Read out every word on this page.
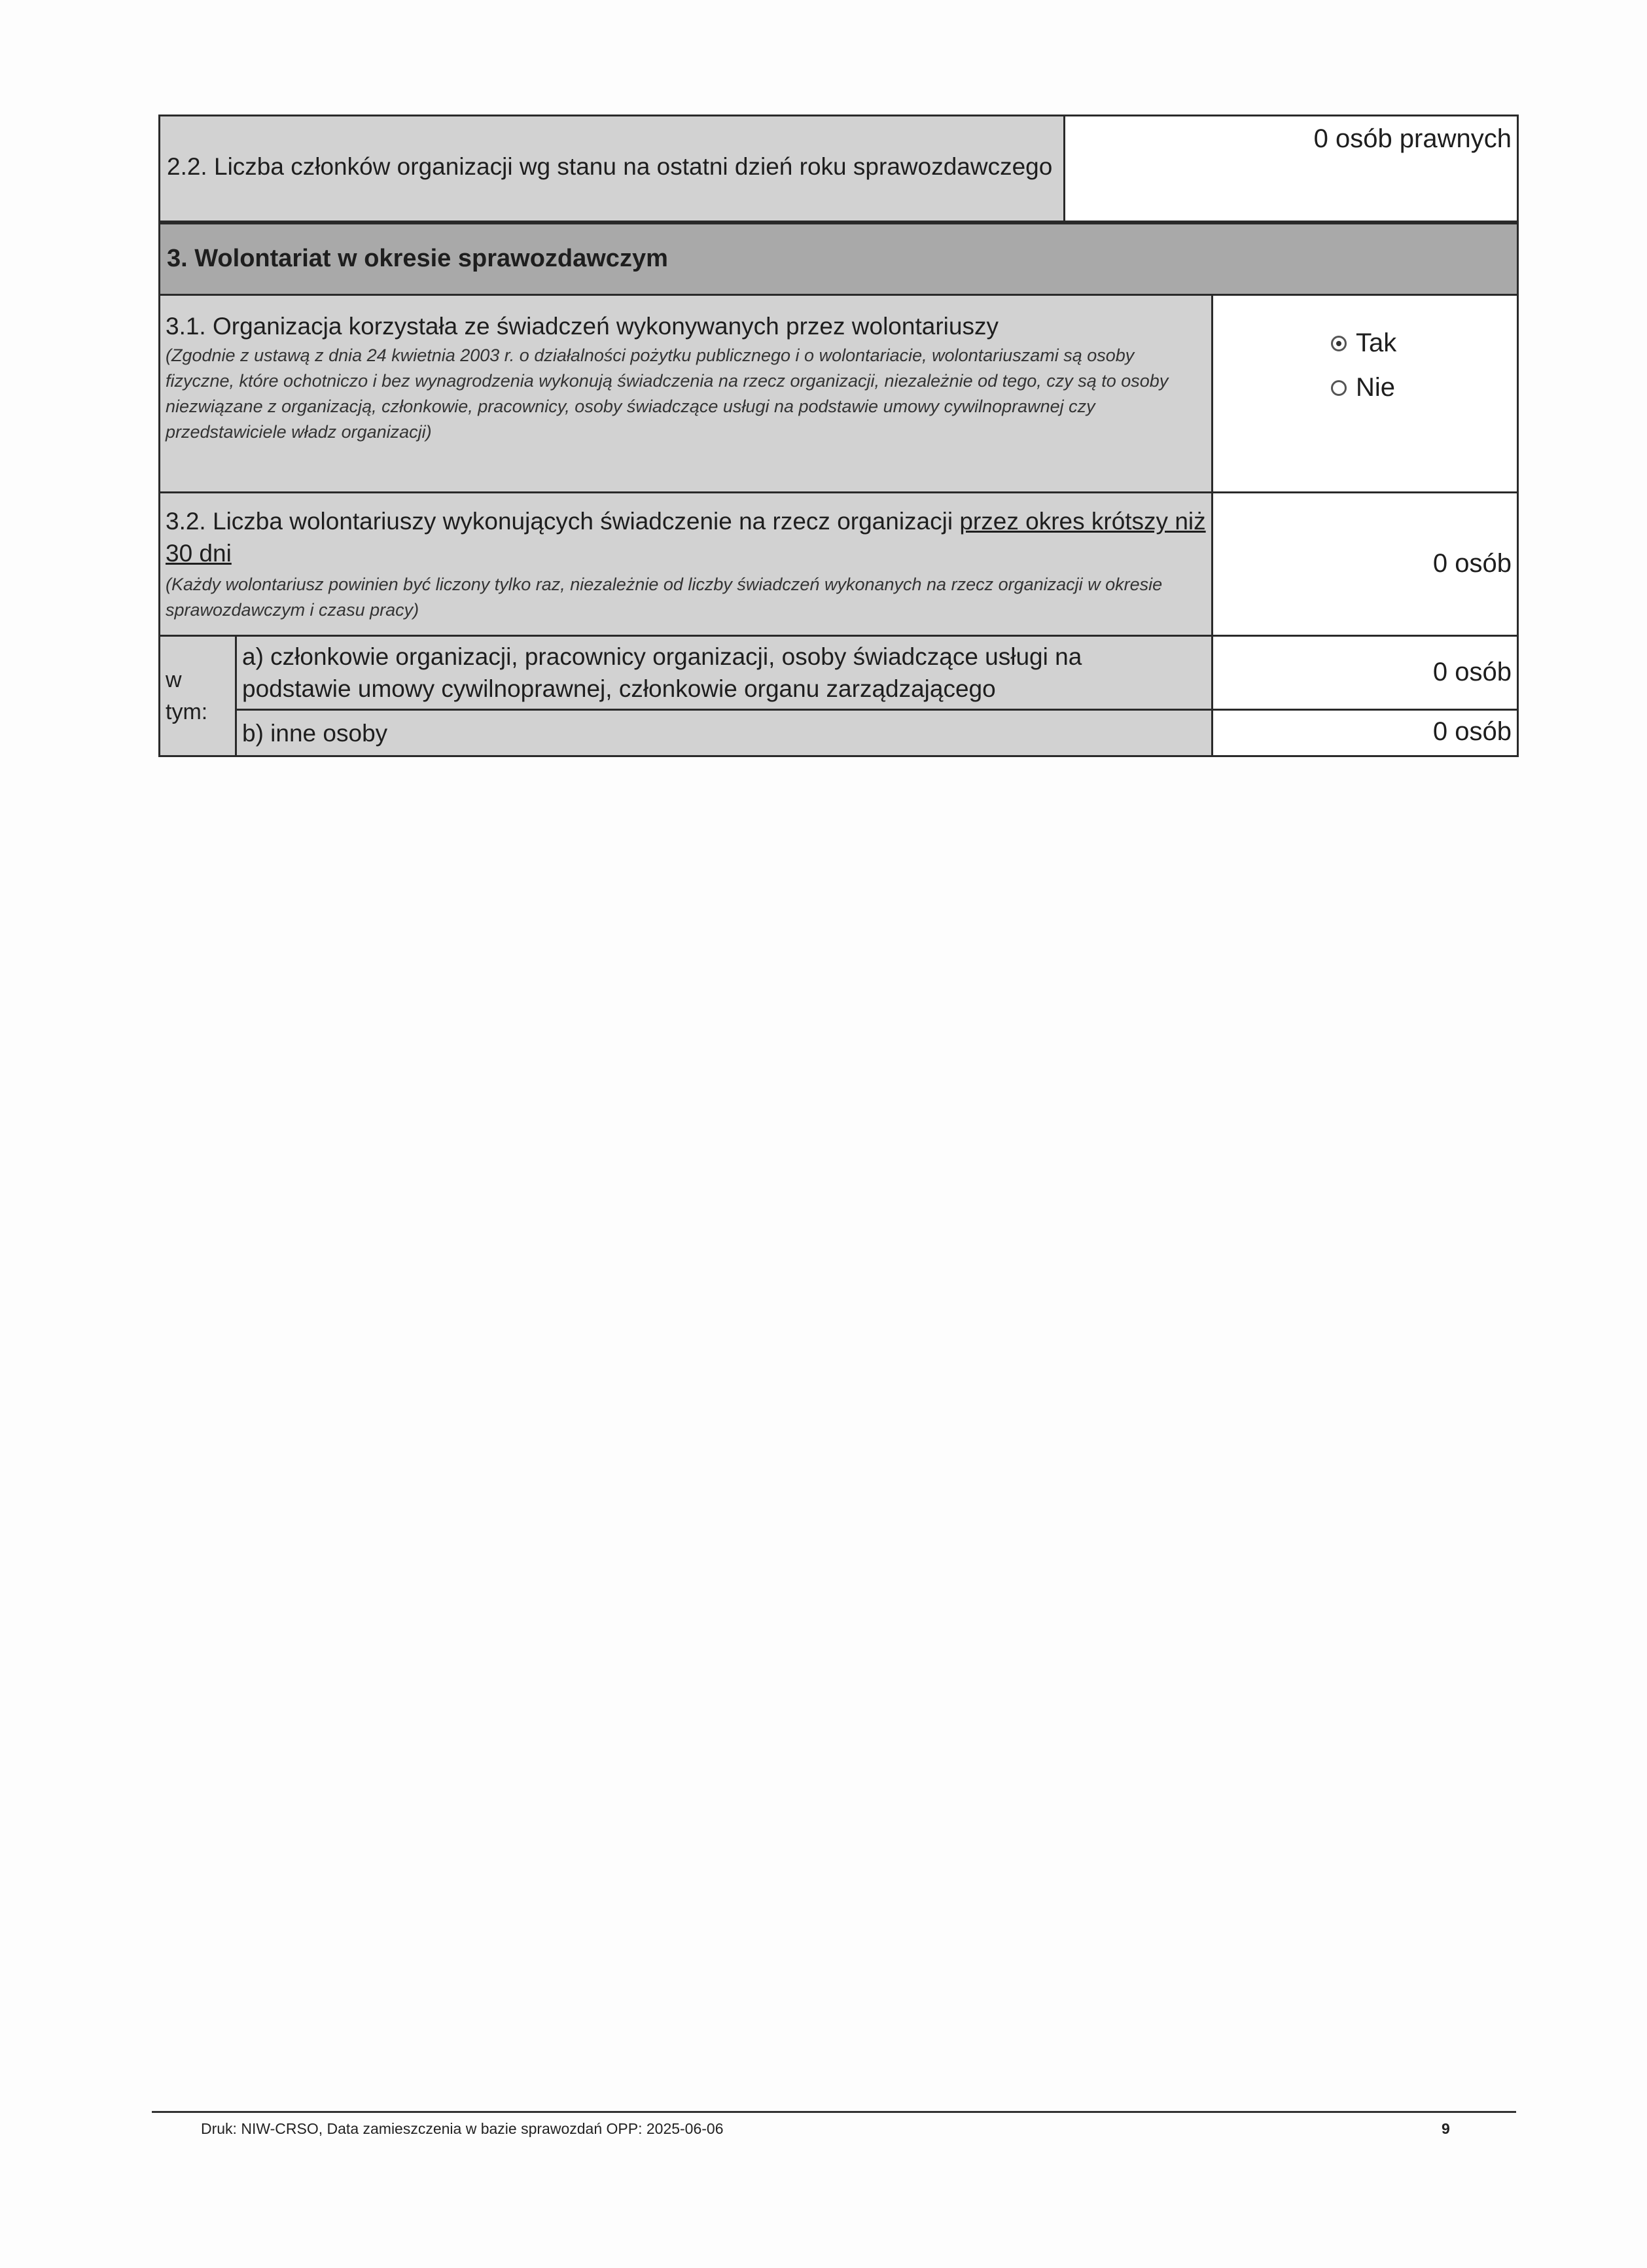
2.2. Liczba członków organizacji wg stanu na ostatni dzień roku sprawozdawczego
0 osób prawnych
3. Wolontariat w okresie sprawozdawczym
3.1. Organizacja korzystała ze świadczeń wykonywanych przez wolontariuszy
(Zgodnie z ustawą z dnia 24 kwietnia 2003 r. o działalności pożytku publicznego i o wolontariacie, wolontariuszami są osoby fizyczne, które ochotniczo i bez wynagrodzenia wykonują świadczenia na rzecz organizacji, niezależnie od tego, czy są to osoby niezwiązane z organizacją, członkowie, pracownicy, osoby świadczące usługi na podstawie umowy cywilnoprawnej czy przedstawiciele władz organizacji)
Tak
Nie
3.2. Liczba wolontariuszy wykonujących świadczenie na rzecz organizacji przez okres krótszy niż 30 dni
(Każdy wolontariusz powinien być liczony tylko raz, niezależnie od liczby świadczeń wykonanych na rzecz organizacji w okresie sprawozdawczym i czasu pracy)
0 osób
w tym:
a) członkowie organizacji, pracownicy organizacji, osoby świadczące usługi na podstawie umowy cywilnoprawnej, członkowie organu zarządzającego
0 osób
b) inne osoby	0 osób
Druk: NIW-CRSO, Data zamieszczenia w bazie sprawozdań OPP: 2025-06-06	9
